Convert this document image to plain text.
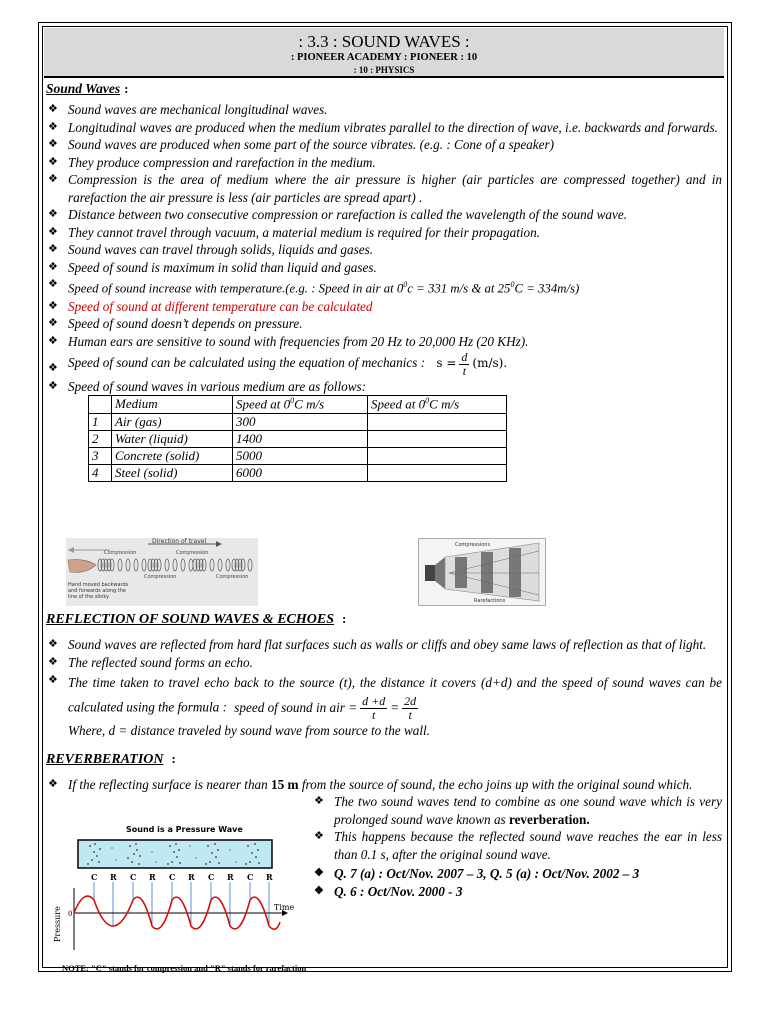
: 3.3 : SOUND WAVES :
: PIONEER ACADEMY : PIONEER : 10
: 10 : PHYSICS
Sound Waves :
❖ Sound waves are mechanical longitudinal waves.
❖ Longitudinal waves are produced when the medium vibrates parallel to the direction of wave, i.e. backwards and forwards.
❖ Sound waves are produced when some part of the source vibrates. (e.g. : Cone of a speaker)
❖ They produce compression and rarefaction in the medium.
❖ Compression is the area of medium where the air pressure is higher (air particles are compressed together) and in rarefaction the air pressure is less (air particles are spread apart) .
❖ Distance between two consecutive compression or rarefaction is called the wavelength of the sound wave.
❖ They cannot travel through vacuum, a material medium is required for their propagation.
❖ Sound waves can travel through solids, liquids and gases.
❖ Speed of sound is maximum in solid than liquid and gases.
❖ Speed of sound increase with temperature.(e.g. : Speed in air at $0^0c = 331$ m/s & at $25^0C = 334m/s$)
❖ Speed of sound at different temperature can be calculated
❖ Speed of sound doesn’t depends on pressure.
❖ Human ears are sensitive to sound with frequencies from 20 Hz to 20,000 Hz (20 KHz).
❖ Speed of sound can be calculated using the equation of mechanics : $s = \frac{d}{t} (m/s)$.
❖ Speed of sound waves in various medium are as follows:
	Medium	Speed at $0^0C$ m/s	Speed at $0^0C$ m/s
1	Air (gas)	300	
2	Water (liquid)	1400	
3	Concrete (solid)	5000	
4	Steel (solid)	6000	
Direction of travel
Compression	Compression
Compression	Compression
Hand moved backwards
and forwards along the
line of the slinky
Compressions
Rarefactions
REFLECTION OF SOUND WAVES & ECHOES :
❖ Sound waves are reflected from hard flat surfaces such as walls or cliffs and obey same laws of reflection as that of light.
❖ The reflected sound forms an echo.
❖ The time taken to travel echo back to the source (t), the distance it covers (d+d) and the speed of sound waves can be calculated using the formula : speed of sound in air = $\frac{d +d}{t} = \frac{2d}{t}$
Where, d = distance traveled by sound wave from source to the wall.
REVERBERATION :
❖ If the reflecting surface is nearer than 15 m from the source of sound, the echo joins up with the original sound which.
❖ The two sound waves tend to combine as one sound wave which is very prolonged sound wave known as reverberation.
❖ This happens because the reflected sound wave reaches the ear in less than 0.1 s, after the original sound wave.
❖ Q. 7 (a) : Oct/Nov. 2007 – 3, Q. 5 (a) : Oct/Nov. 2002 – 3
❖ Q. 6 : Oct/Nov. 2000 - 3
Sound is a Pressure Wave
C R C R C R C R C R
0
Pressure	Time
NOTE: "C" stands for compression and "R" stands for rarefaction
